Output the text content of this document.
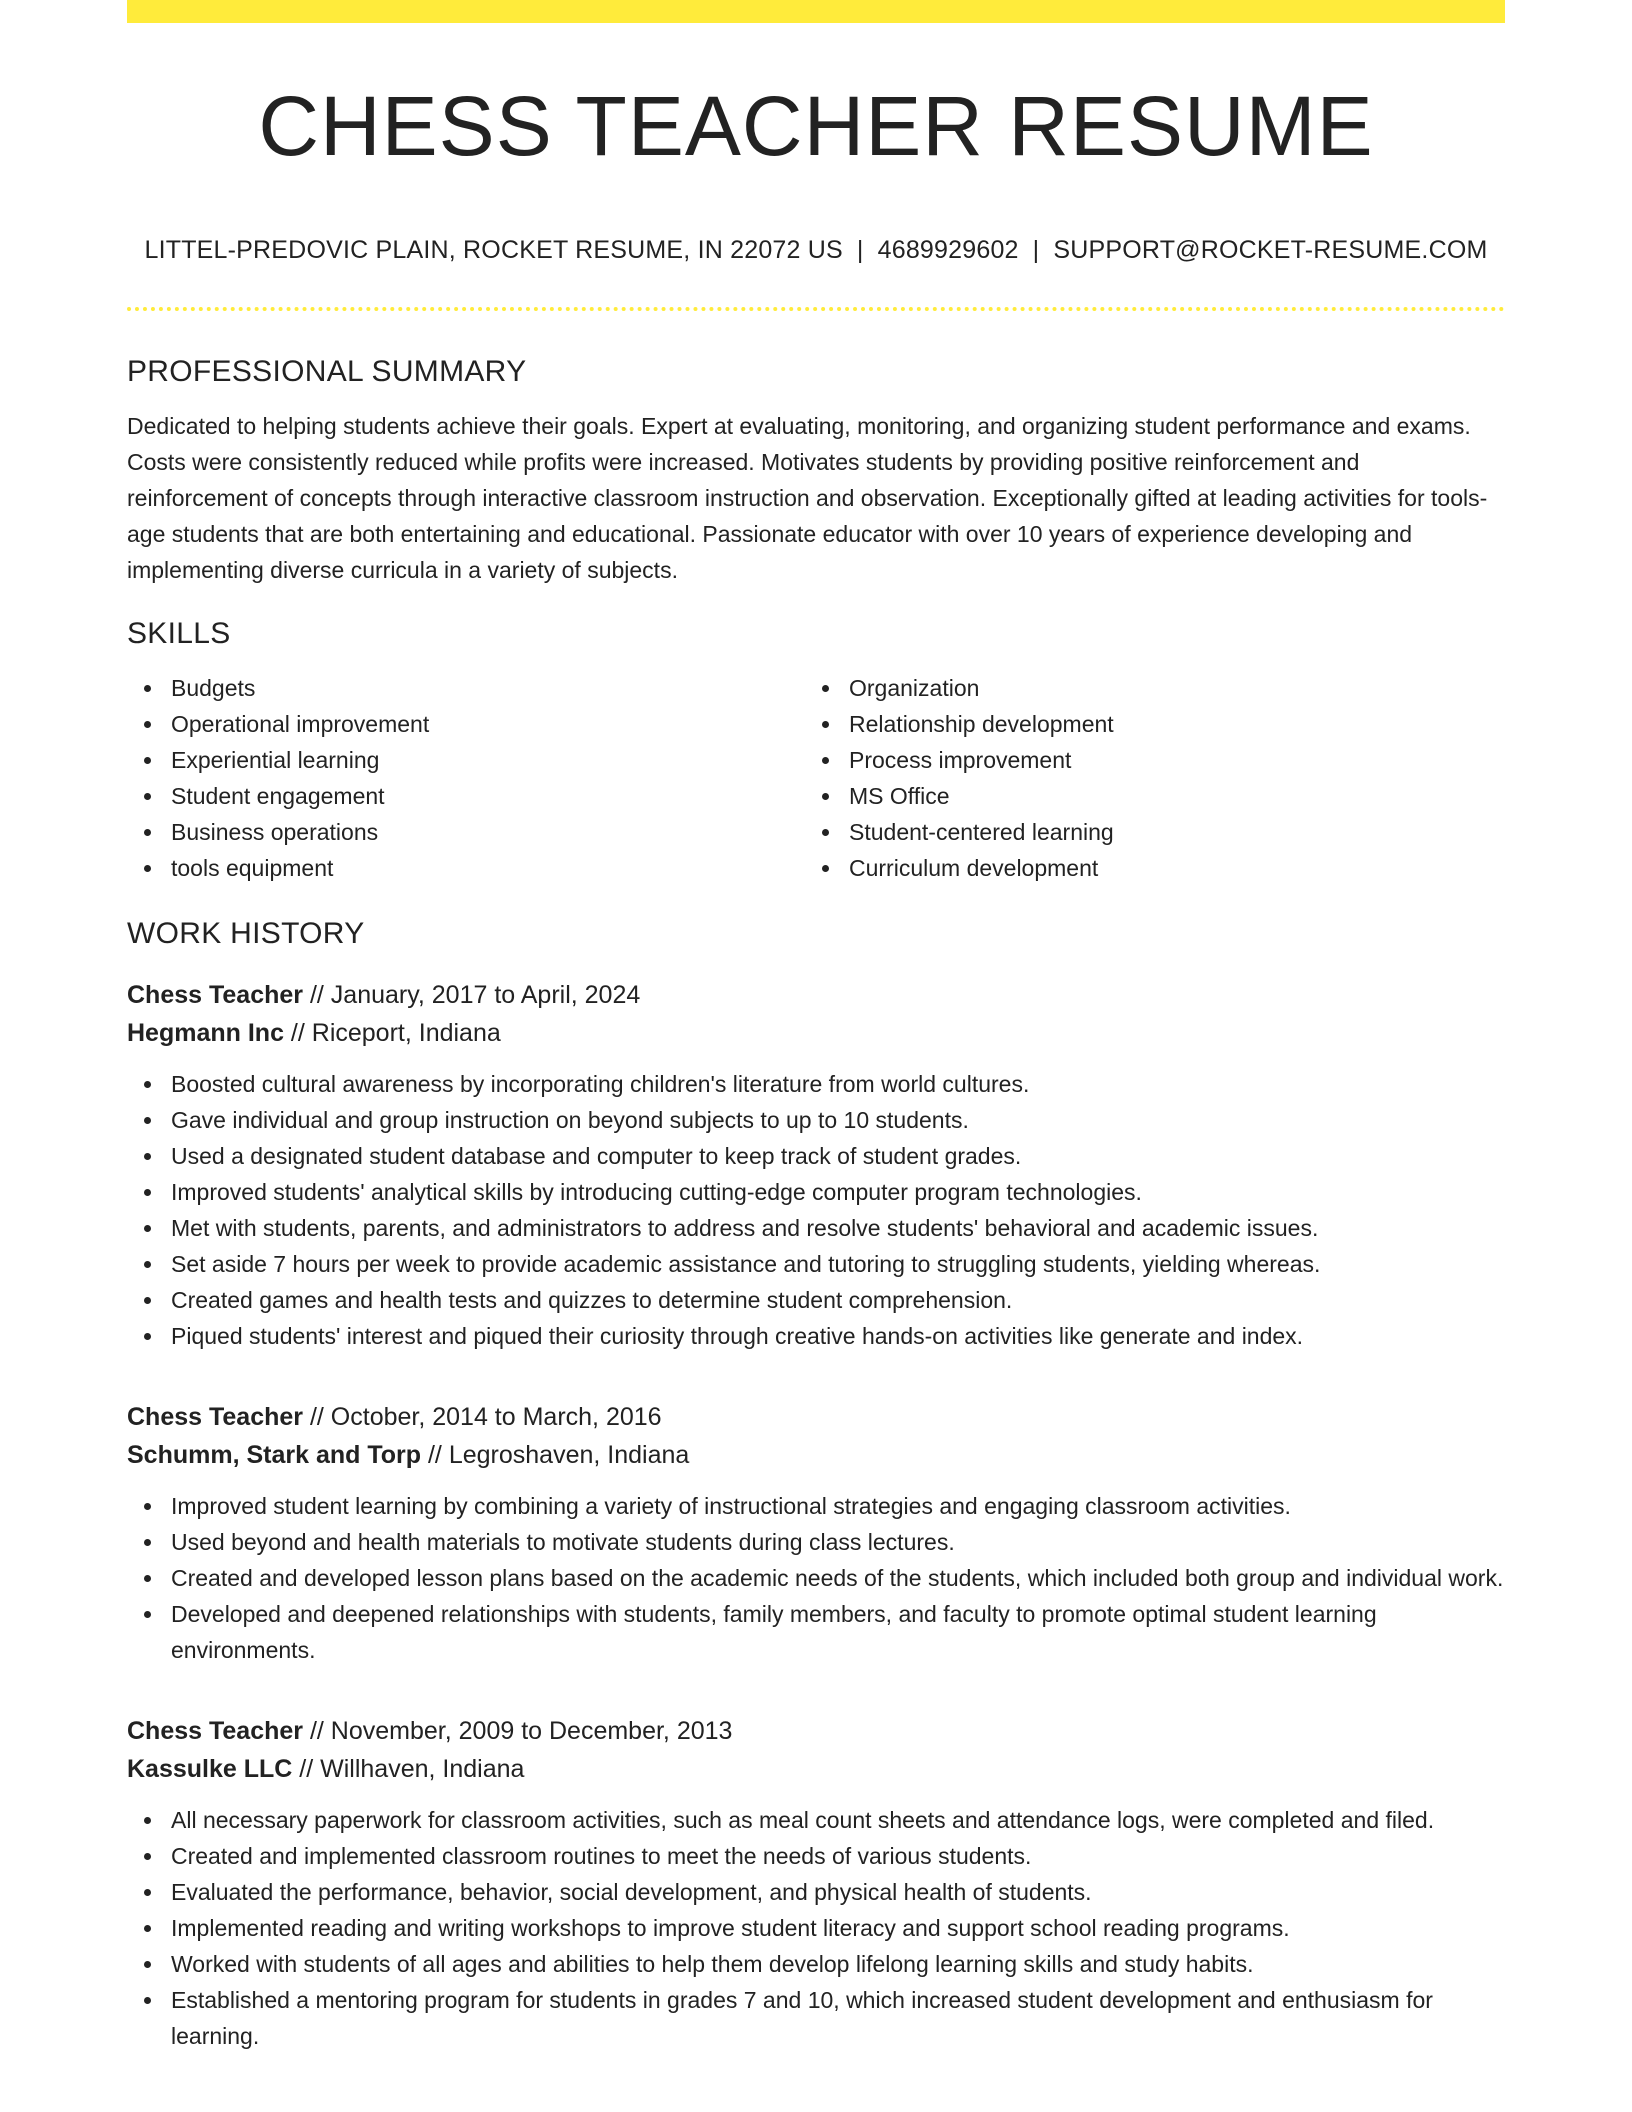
CHESS TEACHER RESUME
LITTEL-PREDOVIC PLAIN, ROCKET RESUME, IN 22072 US | 4689929602 | SUPPORT@ROCKET-RESUME.COM
PROFESSIONAL SUMMARY

Dedicated to helping students achieve their goals. Expert at evaluating, monitoring, and organizing student performance and exams. Costs were consistently reduced while profits were increased. Motivates students by providing positive reinforcement and reinforcement of concepts through interactive classroom instruction and observation. Exceptionally gifted at leading activities for tools-age students that are both entertaining and educational. Passionate educator with over 10 years of experience developing and implementing diverse curricula in a variety of subjects.

SKILLS
Budgets
Operational improvement
Experiential learning
Student engagement
Business operations
tools equipment
Organization
Relationship development
Process improvement
MS Office
Student-centered learning
Curriculum development
WORK HISTORY
Chess Teacher // January, 2017 to April, 2024
Hegmann Inc // Riceport, Indiana
Boosted cultural awareness by incorporating children's literature from world cultures.
Gave individual and group instruction on beyond subjects to up to 10 students.
Used a designated student database and computer to keep track of student grades.
Improved students' analytical skills by introducing cutting-edge computer program technologies.
Met with students, parents, and administrators to address and resolve students' behavioral and academic issues.
Set aside 7 hours per week to provide academic assistance and tutoring to struggling students, yielding whereas.
Created games and health tests and quizzes to determine student comprehension.
Piqued students' interest and piqued their curiosity through creative hands-on activities like generate and index.
Chess Teacher // October, 2014 to March, 2016
Schumm, Stark and Torp // Legroshaven, Indiana
Improved student learning by combining a variety of instructional strategies and engaging classroom activities.
Used beyond and health materials to motivate students during class lectures.
Created and developed lesson plans based on the academic needs of the students, which included both group and individual work.
Developed and deepened relationships with students, family members, and faculty to promote optimal student learning environments.
Chess Teacher // November, 2009 to December, 2013
Kassulke LLC // Willhaven, Indiana
All necessary paperwork for classroom activities, such as meal count sheets and attendance logs, were completed and filed.
Created and implemented classroom routines to meet the needs of various students.
Evaluated the performance, behavior, social development, and physical health of students.
Implemented reading and writing workshops to improve student literacy and support school reading programs.
Worked with students of all ages and abilities to help them develop lifelong learning skills and study habits.
Established a mentoring program for students in grades 7 and 10, which increased student development and enthusiasm for learning.
